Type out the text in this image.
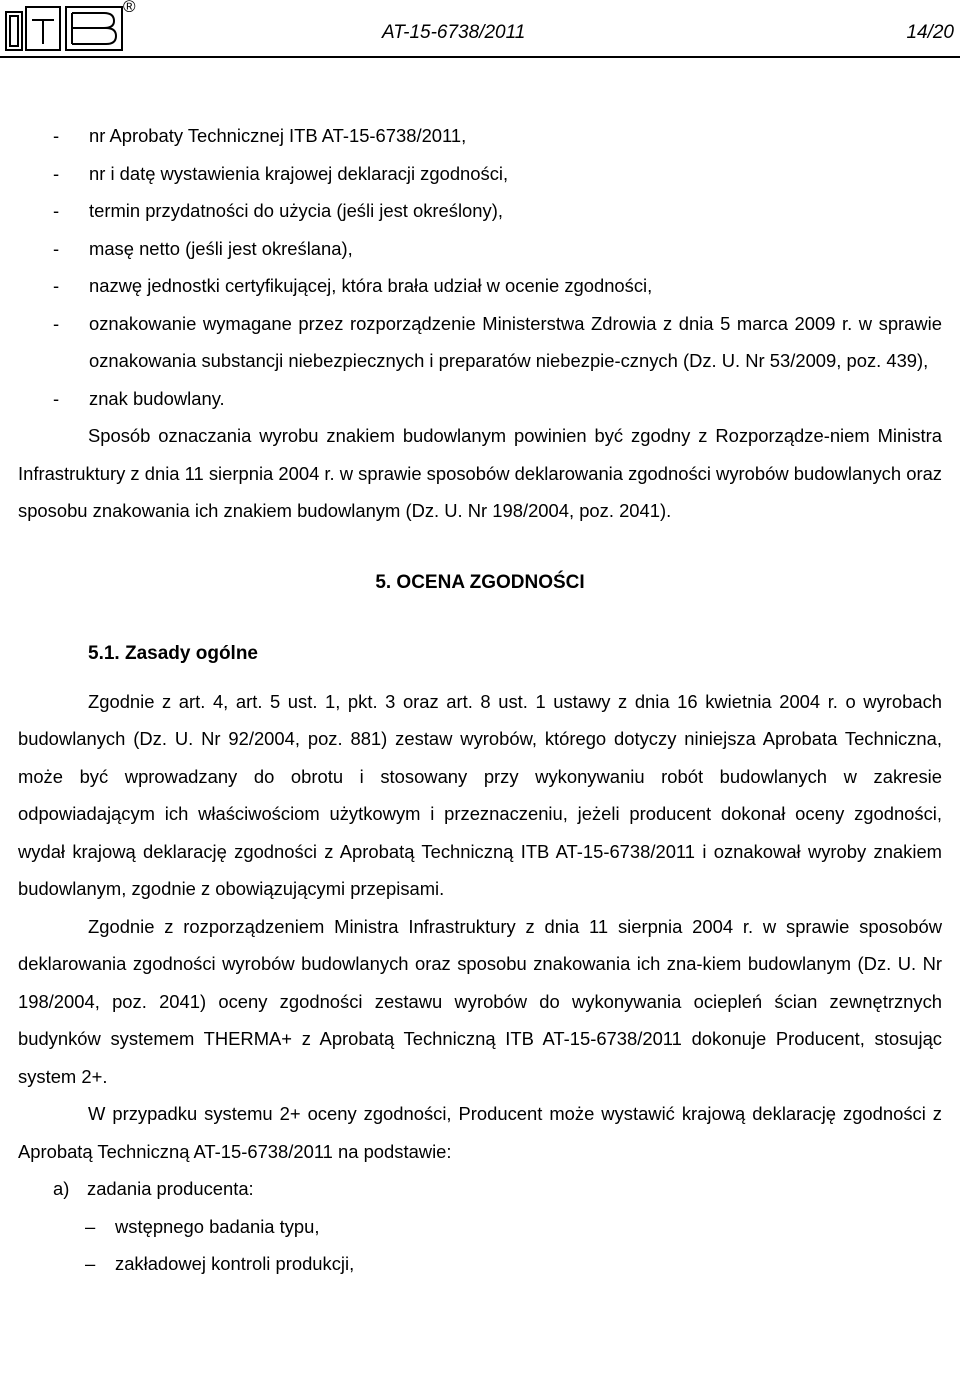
®
AT-15-6738/2011	14/20

- nr Aprobaty Technicznej ITB AT-15-6738/2011,

- nr i datę wystawienia krajowej deklaracji zgodności,

- termin przydatności do użycia (jeśli jest określony),

- masę netto (jeśli jest określana),

- nazwę jednostki certyfikującej, która brała udział w ocenie zgodności,

- oznakowanie wymagane przez rozporządzenie Ministerstwa Zdrowia z dnia 5 marca 2009 r. w sprawie oznakowania substancji niebezpiecznych i preparatów niebezpie-cznych (Dz. U. Nr 53/2009, poz. 439),

- znak budowlany.

Sposób oznaczania wyrobu znakiem budowlanym powinien być zgodny z Rozporządze-niem Ministra Infrastruktury z dnia 11 sierpnia 2004 r. w sprawie sposobów deklarowania zgodności wyrobów budowlanych oraz sposobu znakowania ich znakiem budowlanym (Dz. U. Nr 198/2004, poz. 2041).

5. OCENA ZGODNOŚCI

5.1. Zasady ogólne

Zgodnie z art. 4, art. 5 ust. 1, pkt. 3 oraz art. 8 ust. 1 ustawy z dnia 16 kwietnia 2004 r. o wyrobach budowlanych (Dz. U. Nr 92/2004, poz. 881) zestaw wyrobów, którego dotyczy niniejsza Aprobata Techniczna, może być wprowadzany do obrotu i stosowany przy wykonywaniu robót budowlanych w zakresie odpowiadającym ich właściwościom użytkowym i przeznaczeniu, jeżeli producent dokonał oceny zgodności, wydał krajową deklarację zgodności z Aprobatą Techniczną ITB AT-15-6738/2011 i oznakował wyroby znakiem budowlanym, zgodnie z obowiązującymi przepisami.

Zgodnie z rozporządzeniem Ministra Infrastruktury z dnia 11 sierpnia 2004 r. w sprawie sposobów deklarowania zgodności wyrobów budowlanych oraz sposobu znakowania ich zna-kiem budowlanym (Dz. U. Nr 198/2004, poz. 2041) oceny zgodności zestawu wyrobów do wykonywania ociepleń ścian zewnętrznych budynków systemem THERMA+ z Aprobatą Techniczną ITB AT-15-6738/2011 dokonuje Producent, stosując system 2+.

W przypadku systemu 2+ oceny zgodności, Producent może wystawić krajową deklarację zgodności z Aprobatą Techniczną AT-15-6738/2011 na podstawie:

a) zadania producenta:

– wstępnego badania typu,

– zakładowej kontroli produkcji,
